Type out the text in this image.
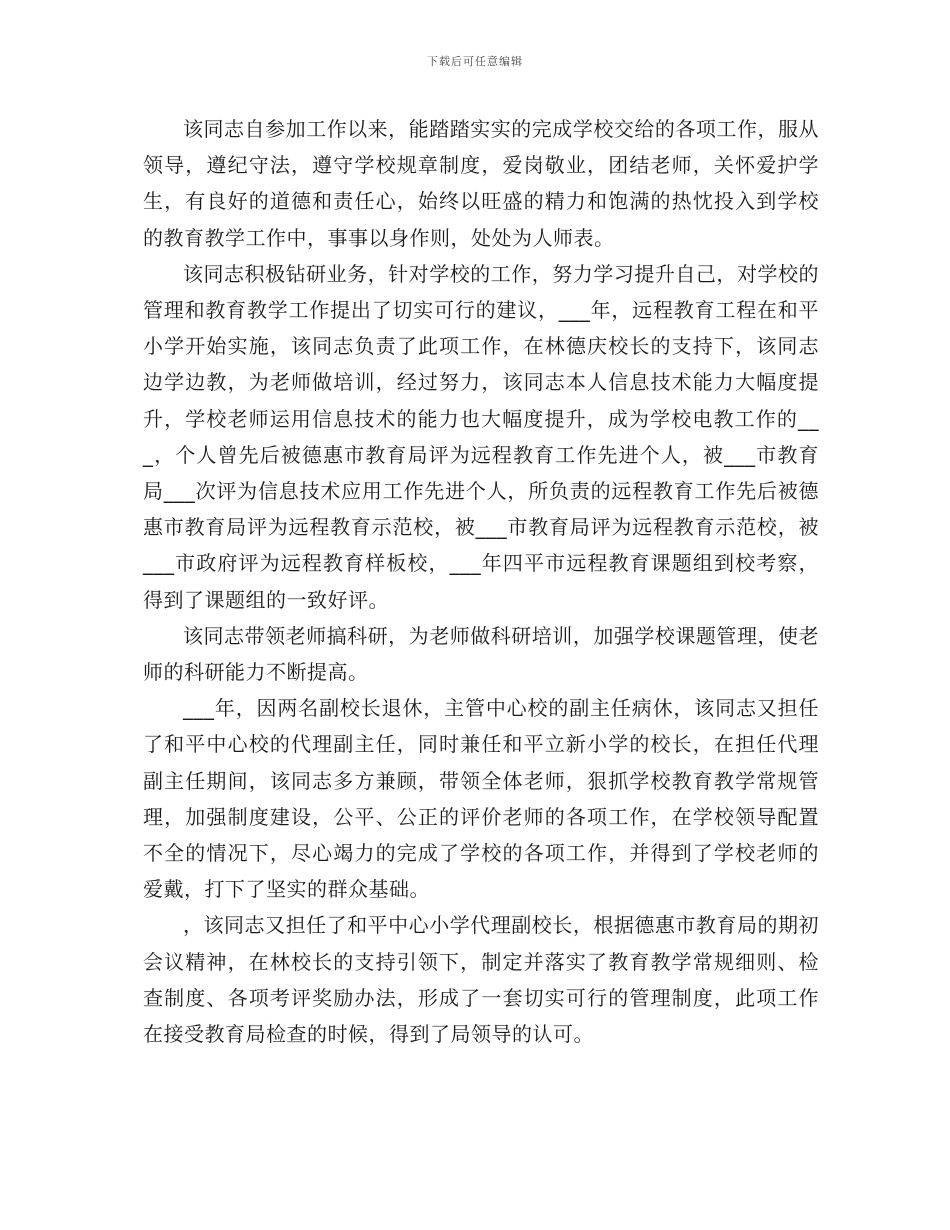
下载后可任意编辑

该同志自参加工作以来，能踏踏实实的完成学校交给的各项工作，服从领导，遵纪守法，遵守学校规章制度，爱岗敬业，团结老师，关怀爱护学生，有良好的道德和责任心，始终以旺盛的精力和饱满的热忱投入到学校的教育教学工作中，事事以身作则，处处为人师表。

该同志积极钻研业务，针对学校的工作，努力学习提升自己，对学校的管理和教育教学工作提出了切实可行的建议，___年，远程教育工程在和平小学开始实施，该同志负责了此项工作，在林德庆校长的支持下，该同志边学边教，为老师做培训，经过努力，该同志本人信息技术能力大幅度提升，学校老师运用信息技术的能力也大幅度提升，成为学校电教工作的___，个人曾先后被德惠市教育局评为远程教育工作先进个人，被___市教育局___次评为信息技术应用工作先进个人，所负责的远程教育工作先后被德惠市教育局评为远程教育示范校，被___市教育局评为远程教育示范校，被___市政府评为远程教育样板校，___年四平市远程教育课题组到校考察，得到了课题组的一致好评。

该同志带领老师搞科研，为老师做科研培训，加强学校课题管理，使老师的科研能力不断提高。

___年，因两名副校长退休，主管中心校的副主任病休，该同志又担任了和平中心校的代理副主任，同时兼任和平立新小学的校长，在担任代理副主任期间，该同志多方兼顾，带领全体老师，狠抓学校教育教学常规管理，加强制度建设，公平、公正的评价老师的各项工作，在学校领导配置不全的情况下，尽心竭力的完成了学校的各项工作，并得到了学校老师的爱戴，打下了坚实的群众基础。

，该同志又担任了和平中心小学代理副校长，根据德惠市教育局的期初会议精神，在林校长的支持引领下，制定并落实了教育教学常规细则、检查制度、各项考评奖励办法，形成了一套切实可行的管理制度，此项工作在接受教育局检查的时候，得到了局领导的认可。
